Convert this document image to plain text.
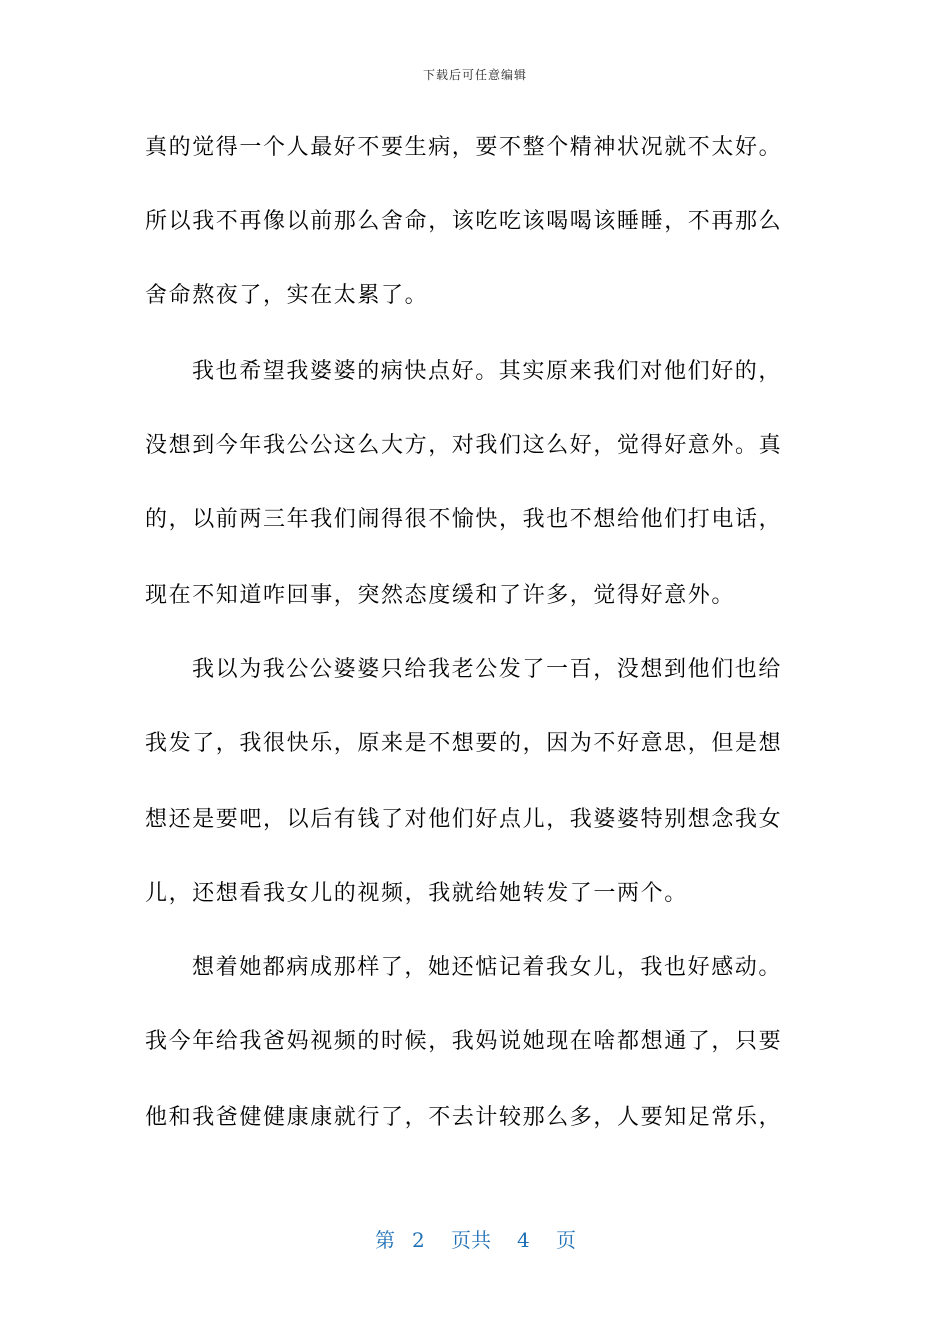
下载后可任意编辑
真的觉得一个人最好不要生病，要不整个精神状况就不太好。
所以我不再像以前那么舍命，该吃吃该喝喝该睡睡，不再那么
舍命熬夜了，实在太累了。
我也希望我婆婆的病快点好。其实原来我们对他们好的，
没想到今年我公公这么大方，对我们这么好，觉得好意外。真
的，以前两三年我们闹得很不愉快，我也不想给他们打电话，
现在不知道咋回事，突然态度缓和了许多，觉得好意外。
我以为我公公婆婆只给我老公发了一百，没想到他们也给
我发了，我很快乐，原来是不想要的，因为不好意思，但是想
想还是要吧，以后有钱了对他们好点儿，我婆婆特别想念我女
儿，还想看我女儿的视频，我就给她转发了一两个。
想着她都病成那样了，她还惦记着我女儿，我也好感动。
我今年给我爸妈视频的时候，我妈说她现在啥都想通了，只要
他和我爸健健康康就行了，不去计较那么多，人要知足常乐，
第 2 页共 4 页
